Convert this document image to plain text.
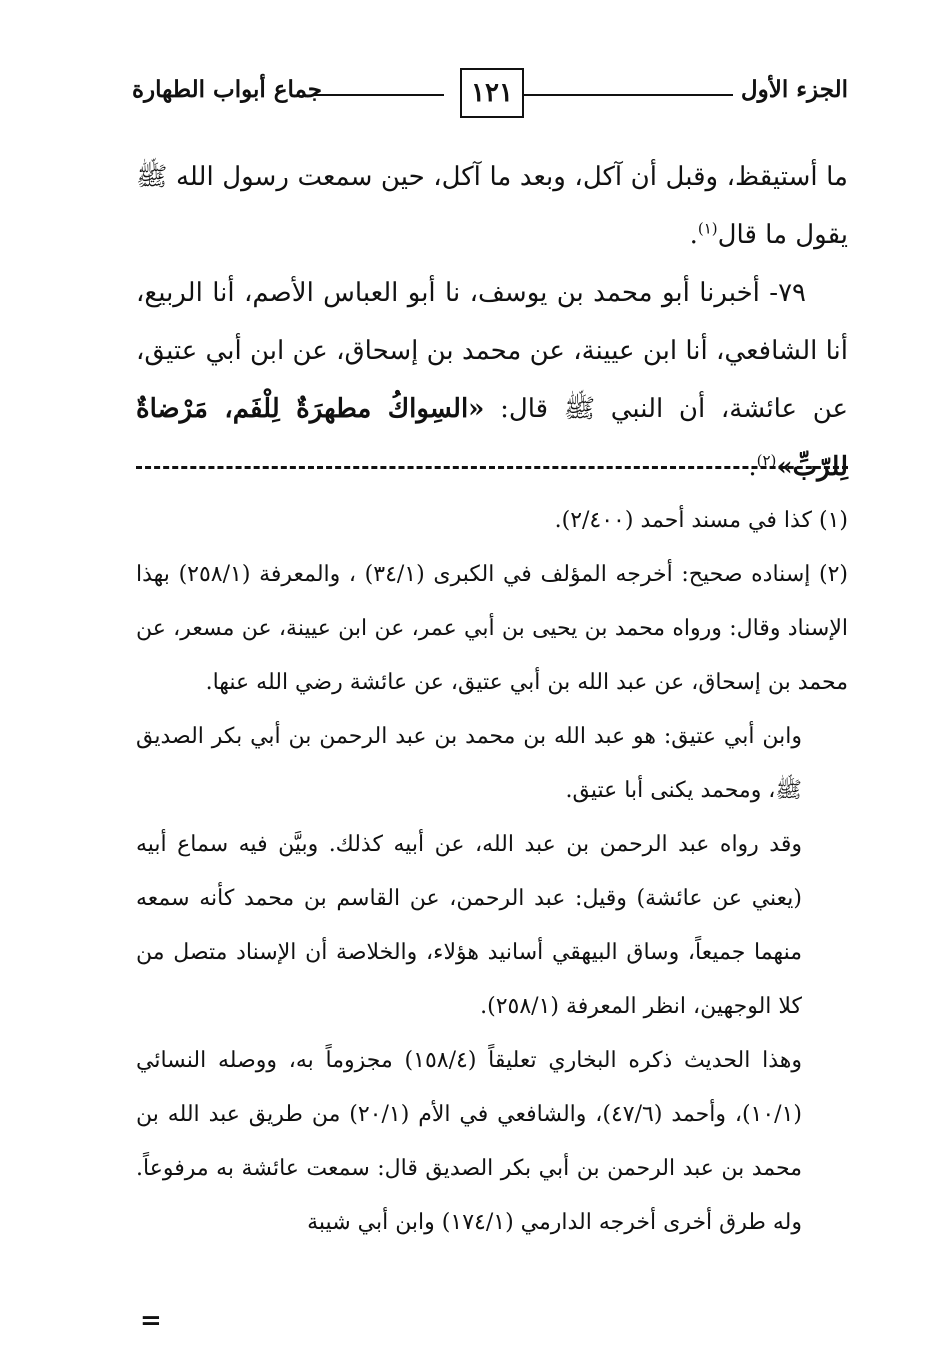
الجزء الأول
١٢١
جماع أبواب الطهارة

ما أستيقظ، وقبل أن آكل، وبعد ما آكل، حين سمعت رسول الله ﷺ يقول ما قال$^{(١)}$.

٧٩- أخبرنا أبو محمد بن يوسف، نا أبو العباس الأصم، أنا الربيع، أنا الشافعي، أنا ابن عيينة، عن محمد بن إسحاق، عن ابن أبي عتيق، عن عائشة، أن النبي ﷺ قال: «السِواكُ مطهرَةٌ لِلْفَم، مَرْضاةٌ لِلرّبِّ»$^{(٢)}$.

(١) كذا في مسند أحمد (٢/٤٠٠).

(٢) إسناده صحيح: أخرجه المؤلف في الكبرى (٣٤/١) ، والمعرفة (٢٥٨/١) بهذا الإسناد وقال: ورواه محمد بن يحيى بن أبي عمر، عن ابن عيينة، عن مسعر، عن محمد بن إسحاق، عن عبد الله بن أبي عتيق، عن عائشة رضي الله عنها.

وابن أبي عتيق: هو عبد الله بن محمد بن عبد الرحمن بن أبي بكر الصديق ﷺ، ومحمد يكنى أبا عتيق.

وقد رواه عبد الرحمن بن عبد الله، عن أبيه كذلك. وبيَّن فيه سماع أبيه (يعني عن عائشة) وقيل: عبد الرحمن، عن القاسم بن محمد كأنه سمعه منهما جميعاً، وساق البيهقي أسانيد هؤلاء، والخلاصة أن الإسناد متصل من كلا الوجهين، انظر المعرفة (٢٥٨/١).

وهذا الحديث ذكره البخاري تعليقاً (١٥٨/٤) مجزوماً به، ووصله النسائي (١٠/١)، وأحمد (٤٧/٦)، والشافعي في الأم (٢٠/١) من طريق عبد الله بن محمد بن عبد الرحمن بن أبي بكر الصديق قال: سمعت عائشة به مرفوعاً. وله طرق أخرى أخرجه الدارمي (١٧٤/١) وابن أبي شيبة

=
